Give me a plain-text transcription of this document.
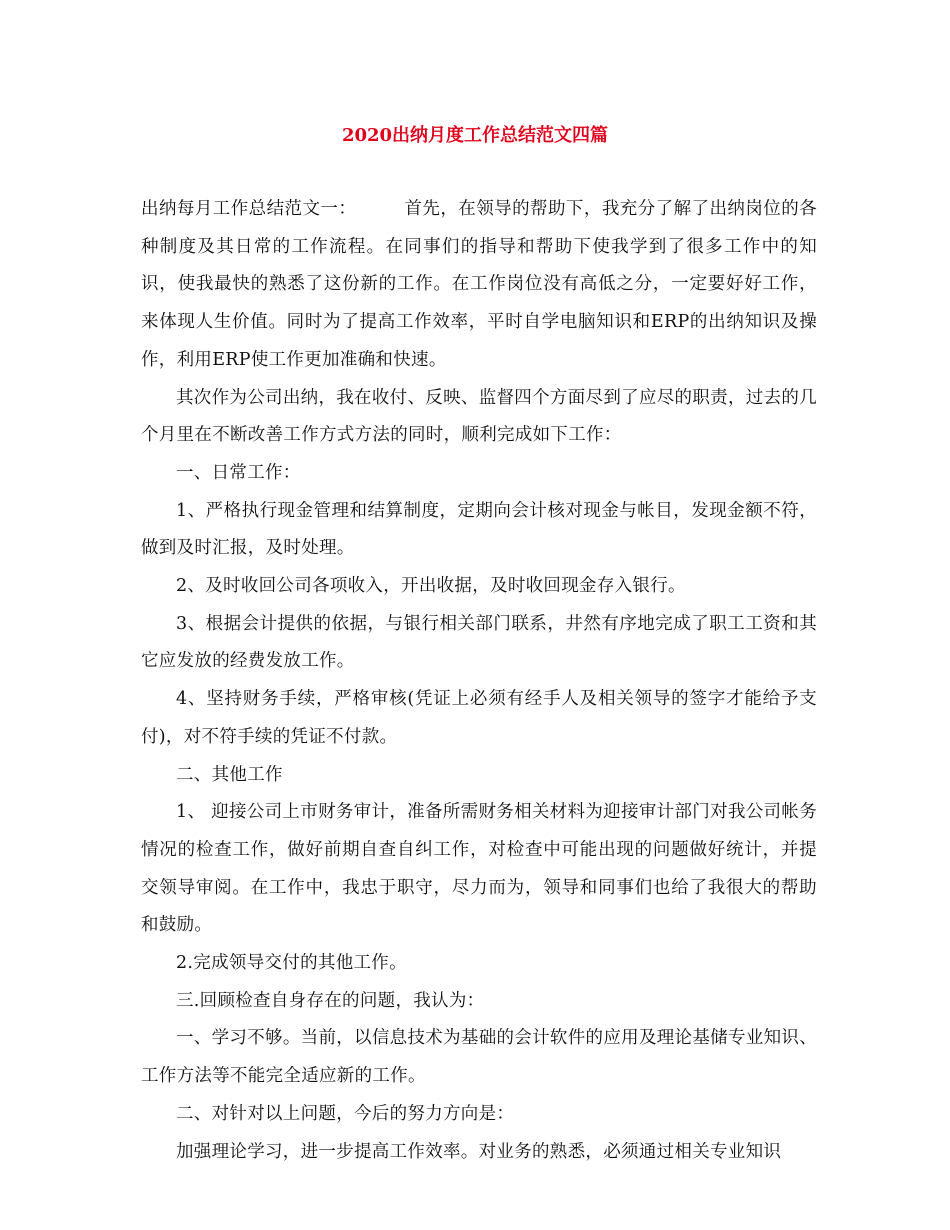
2020出纳月度工作总结范文四篇

出纳每月工作总结范文一：	首先，在领导的帮助下，我充分了解了出纳岗位的各种制度及其日常的工作流程。在同事们的指导和帮助下使我学到了很多工作中的知识，使我最快的熟悉了这份新的工作。在工作岗位没有高低之分，一定要好好工作，来体现人生价值。同时为了提高工作效率，平时自学电脑知识和ERP的出纳知识及操作，利用ERP使工作更加准确和快速。

其次作为公司出纳，我在收付、反映、监督四个方面尽到了应尽的职责，过去的几个月里在不断改善工作方式方法的同时，顺利完成如下工作：

一、日常工作：

1、严格执行现金管理和结算制度，定期向会计核对现金与帐目，发现金额不符，做到及时汇报，及时处理。

2、及时收回公司各项收入，开出收据，及时收回现金存入银行。

3、根据会计提供的依据，与银行相关部门联系，井然有序地完成了职工工资和其它应发放的经费发放工作。

4、坚持财务手续，严格审核(凭证上必须有经手人及相关领导的签字才能给予支付)，对不符手续的凭证不付款。

二、其他工作

1、 迎接公司上市财务审计，准备所需财务相关材料为迎接审计部门对我公司帐务情况的检查工作，做好前期自查自纠工作，对检查中可能出现的问题做好统计，并提交领导审阅。在工作中，我忠于职守，尽力而为，领导和同事们也给了我很大的帮助和鼓励。

2.完成领导交付的其他工作。

三.回顾检查自身存在的问题，我认为：

一、学习不够。当前，以信息技术为基础的会计软件的应用及理论基储专业知识、工作方法等不能完全适应新的工作。

二、对针对以上问题，今后的努力方向是：

加强理论学习，进一步提高工作效率。对业务的熟悉，必须通过相关专业知识
